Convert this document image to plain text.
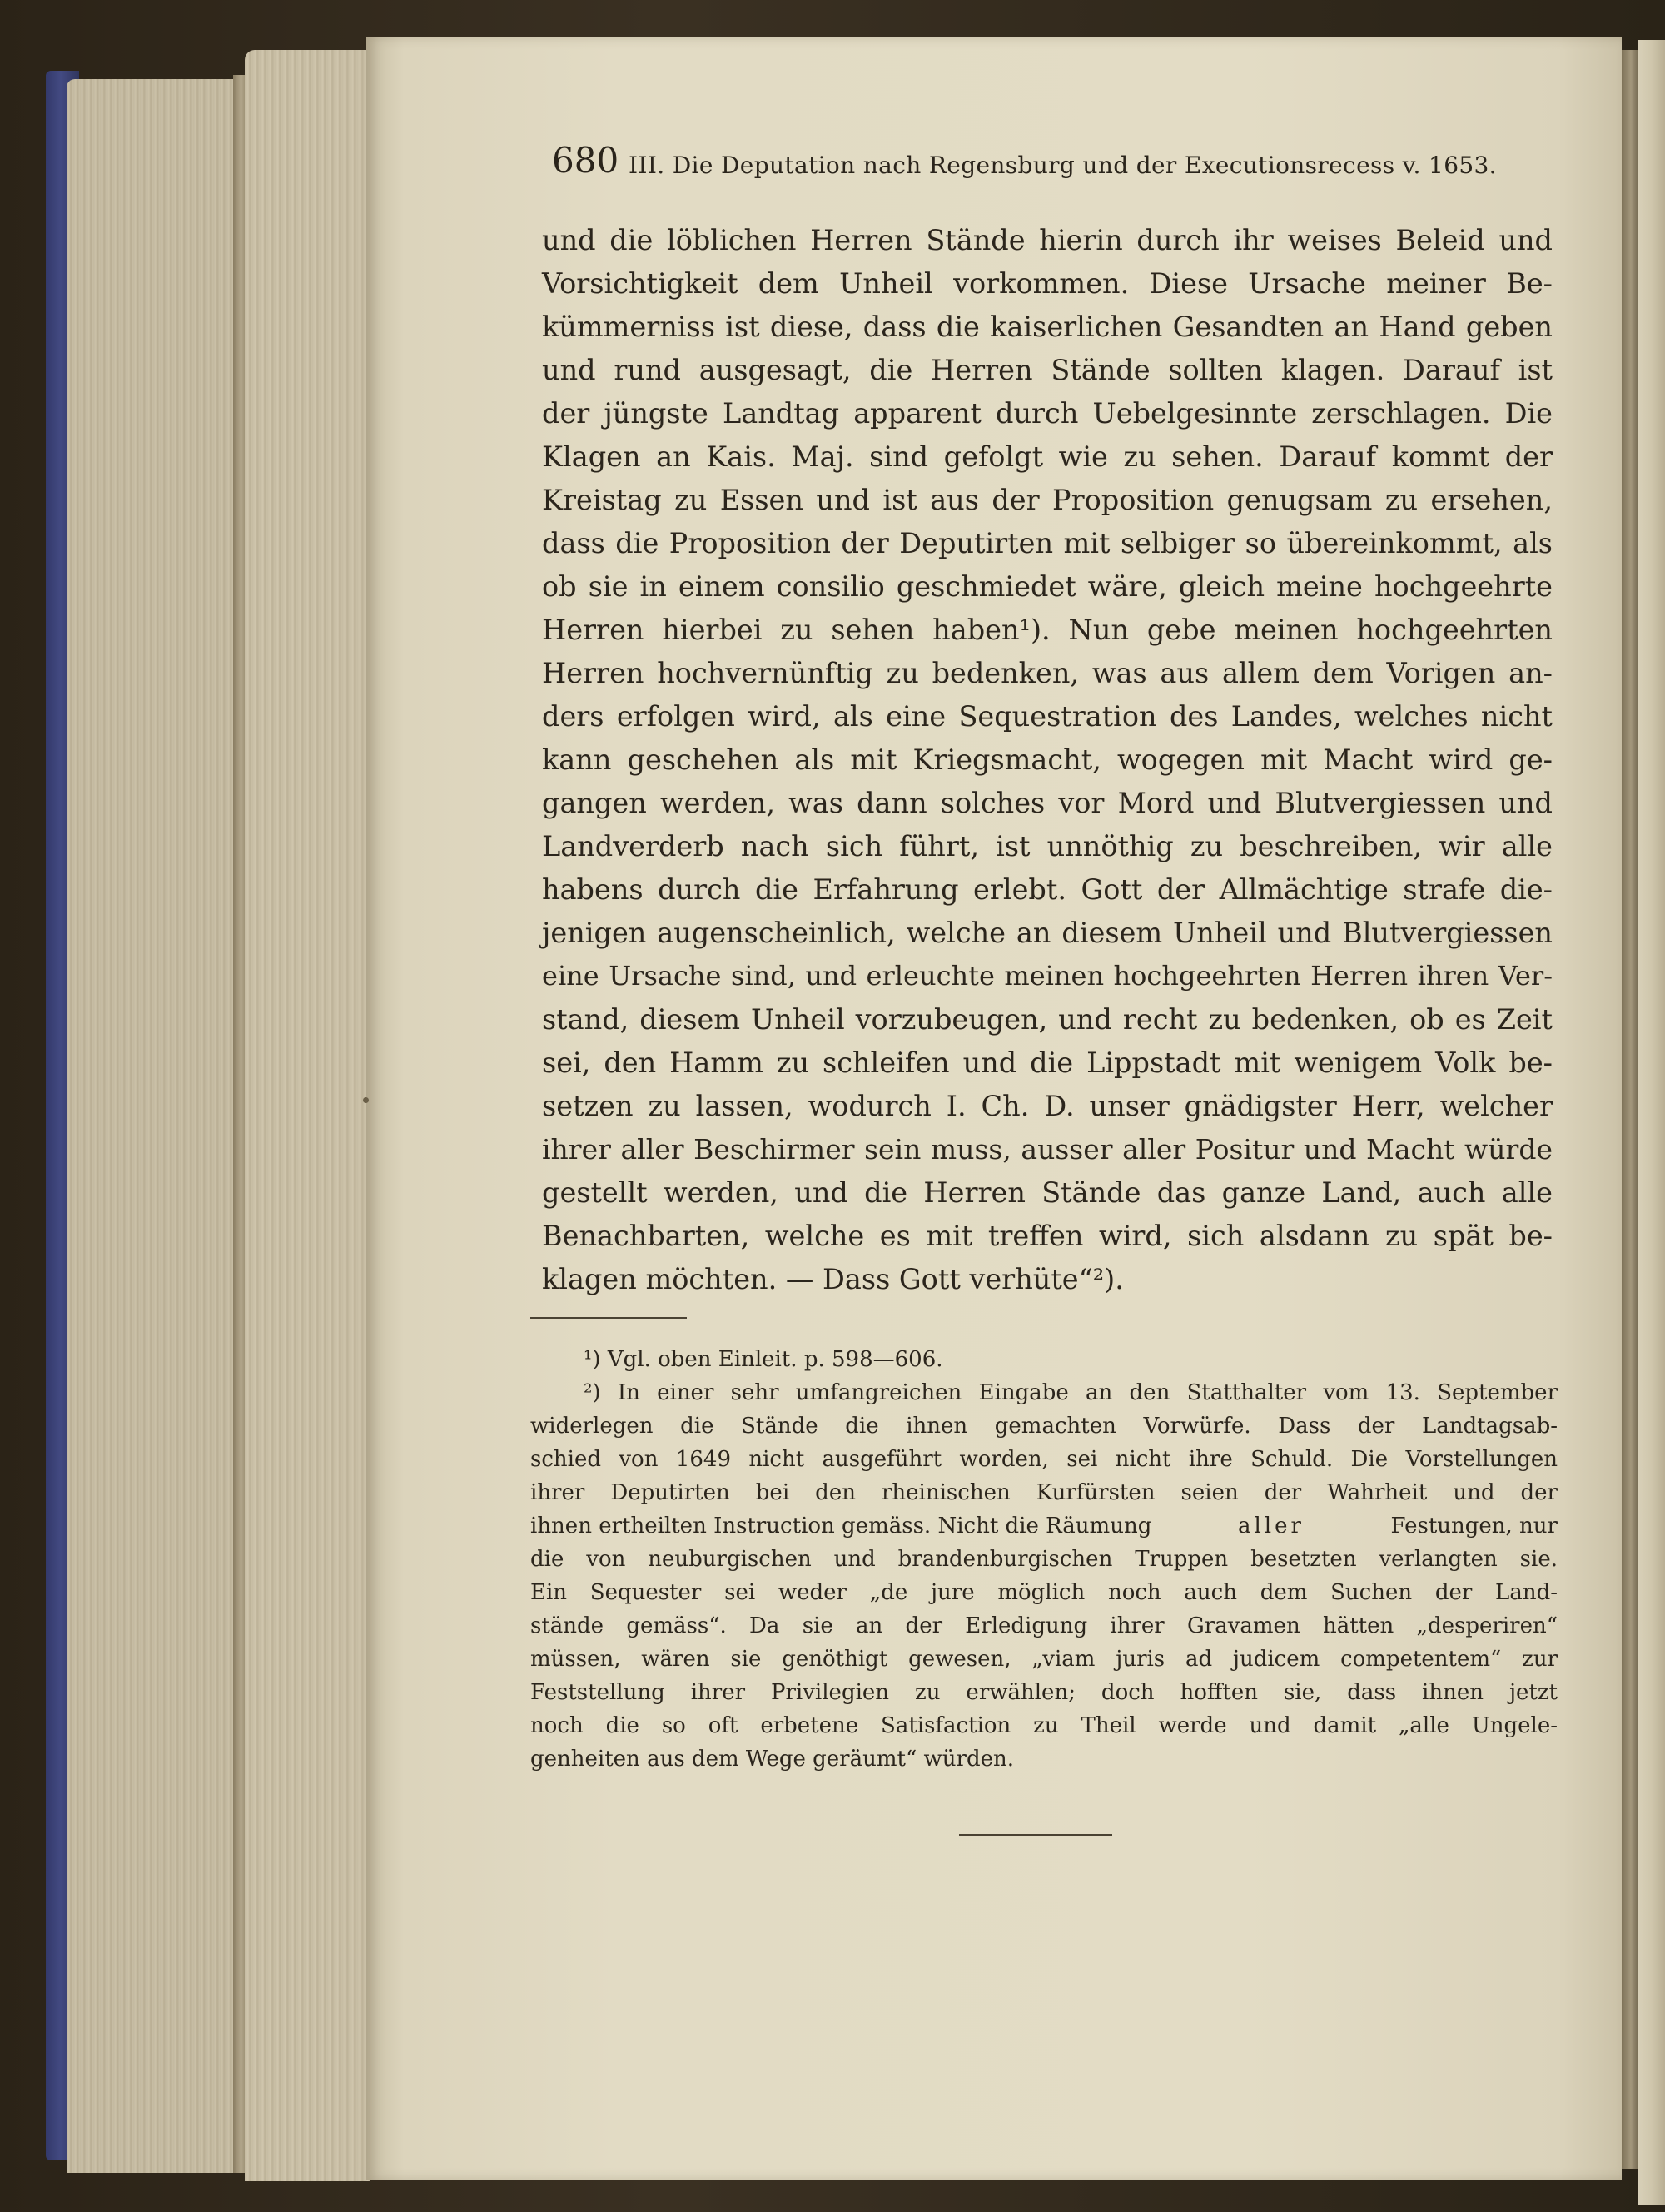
680 III. Die Deputation nach Regensburg und der Executionsrecess v. 1653.
und die löblichen Herren Stände hierin durch ihr weises Beleid und
Vorsichtigkeit dem Unheil vorkommen. Diese Ursache meiner Be-
kümmerniss ist diese, dass die kaiserlichen Gesandten an Hand geben
und rund ausgesagt, die Herren Stände sollten klagen. Darauf ist
der jüngste Landtag apparent durch Uebelgesinnte zerschlagen. Die
Klagen an Kais. Maj. sind gefolgt wie zu sehen. Darauf kommt der
Kreistag zu Essen und ist aus der Proposition genugsam zu ersehen,
dass die Proposition der Deputirten mit selbiger so übereinkommt, als
ob sie in einem consilio geschmiedet wäre, gleich meine hochgeehrte
Herren hierbei zu sehen haben¹). Nun gebe meinen hochgeehrten
Herren hochvernünftig zu bedenken, was aus allem dem Vorigen an-
ders erfolgen wird, als eine Sequestration des Landes, welches nicht
kann geschehen als mit Kriegsmacht, wogegen mit Macht wird ge-
gangen werden, was dann solches vor Mord und Blutvergiessen und
Landverderb nach sich führt, ist unnöthig zu beschreiben, wir alle
habens durch die Erfahrung erlebt. Gott der Allmächtige strafe die-
jenigen augenscheinlich, welche an diesem Unheil und Blutvergiessen
eine Ursache sind, und erleuchte meinen hochgeehrten Herren ihren Ver-
stand, diesem Unheil vorzubeugen, und recht zu bedenken, ob es Zeit
sei, den Hamm zu schleifen und die Lippstadt mit wenigem Volk be-
setzen zu lassen, wodurch I. Ch. D. unser gnädigster Herr, welcher
ihrer aller Beschirmer sein muss, ausser aller Positur und Macht würde
gestellt werden, und die Herren Stände das ganze Land, auch alle
Benachbarten, welche es mit treffen wird, sich alsdann zu spät be-
klagen möchten. — Dass Gott verhüte“²).
¹) Vgl. oben Einleit. p. 598—606.
²) In einer sehr umfangreichen Eingabe an den Statthalter vom 13. September
widerlegen die Stände die ihnen gemachten Vorwürfe. Dass der Landtagsab-
schied von 1649 nicht ausgeführt worden, sei nicht ihre Schuld. Die Vorstellungen
ihrer Deputirten bei den rheinischen Kurfürsten seien der Wahrheit und der
ihnen ertheilten Instruction gemäss. Nicht die Räumung	aller	Festungen, nur
die von neuburgischen und brandenburgischen Truppen besetzten verlangten sie.
Ein Sequester sei weder „de jure möglich noch auch dem Suchen der Land-
stände gemäss“. Da sie an der Erledigung ihrer Gravamen hätten „desperiren“
müssen, wären sie genöthigt gewesen, „viam juris ad judicem competentem“ zur
Feststellung ihrer Privilegien zu erwählen; doch hofften sie, dass ihnen jetzt
noch die so oft erbetene Satisfaction zu Theil werde und damit „alle Ungele-
genheiten aus dem Wege geräumt“ würden.
